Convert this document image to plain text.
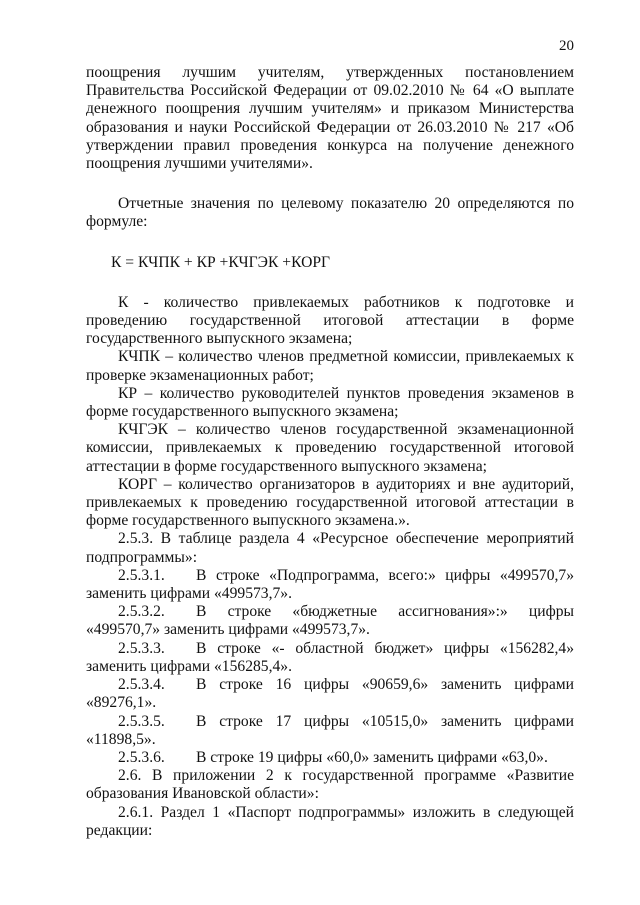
20

поощрения лучшим учителям, утвержденных постановлением Правительства Российской Федерации от 09.02.2010 № 64 «О выплате денежного поощрения лучшим учителям» и приказом Министерства образования и науки Российской Федерации от 26.03.2010 № 217 «Об утверждении правил проведения конкурса на получение денежного поощрения лучшими учителями».

Отчетные значения по целевому показателю 20 определяются по формуле:

К = КЧПК + КР +КЧГЭК +КОРГ

К - количество привлекаемых работников к подготовке и проведению государственной итоговой аттестации в форме государственного выпускного экзамена;

КЧПК – количество членов предметной комиссии, привлекаемых к проверке экзаменационных работ;

КР – количество руководителей пунктов проведения экзаменов в форме государственного выпускного экзамена;

КЧГЭК – количество членов государственной экзаменационной комиссии, привлекаемых к проведению государственной итоговой аттестации в форме государственного выпускного экзамена;

КОРГ – количество организаторов в аудиториях и вне аудиторий, привлекаемых к проведению государственной итоговой аттестации в форме государственного выпускного экзамена.».

2.5.3. В таблице раздела 4 «Ресурсное обеспечение мероприятий подпрограммы»:

2.5.3.1. В строке «Подпрограмма, всего:» цифры «499570,7» заменить цифрами «499573,7».

2.5.3.2. В строке «бюджетные ассигнования»:» цифры «499570,7» заменить цифрами «499573,7».

2.5.3.3. В строке «- областной бюджет» цифры «156282,4» заменить цифрами «156285,4».

2.5.3.4. В строке 16 цифры «90659,6» заменить цифрами «89276,1».

2.5.3.5. В строке 17 цифры «10515,0» заменить цифрами «11898,5».

2.5.3.6. В строке 19 цифры «60,0» заменить цифрами «63,0».

2.6. В приложении 2 к государственной программе «Развитие образования Ивановской области»:

2.6.1. Раздел 1 «Паспорт подпрограммы» изложить в следующей редакции:
